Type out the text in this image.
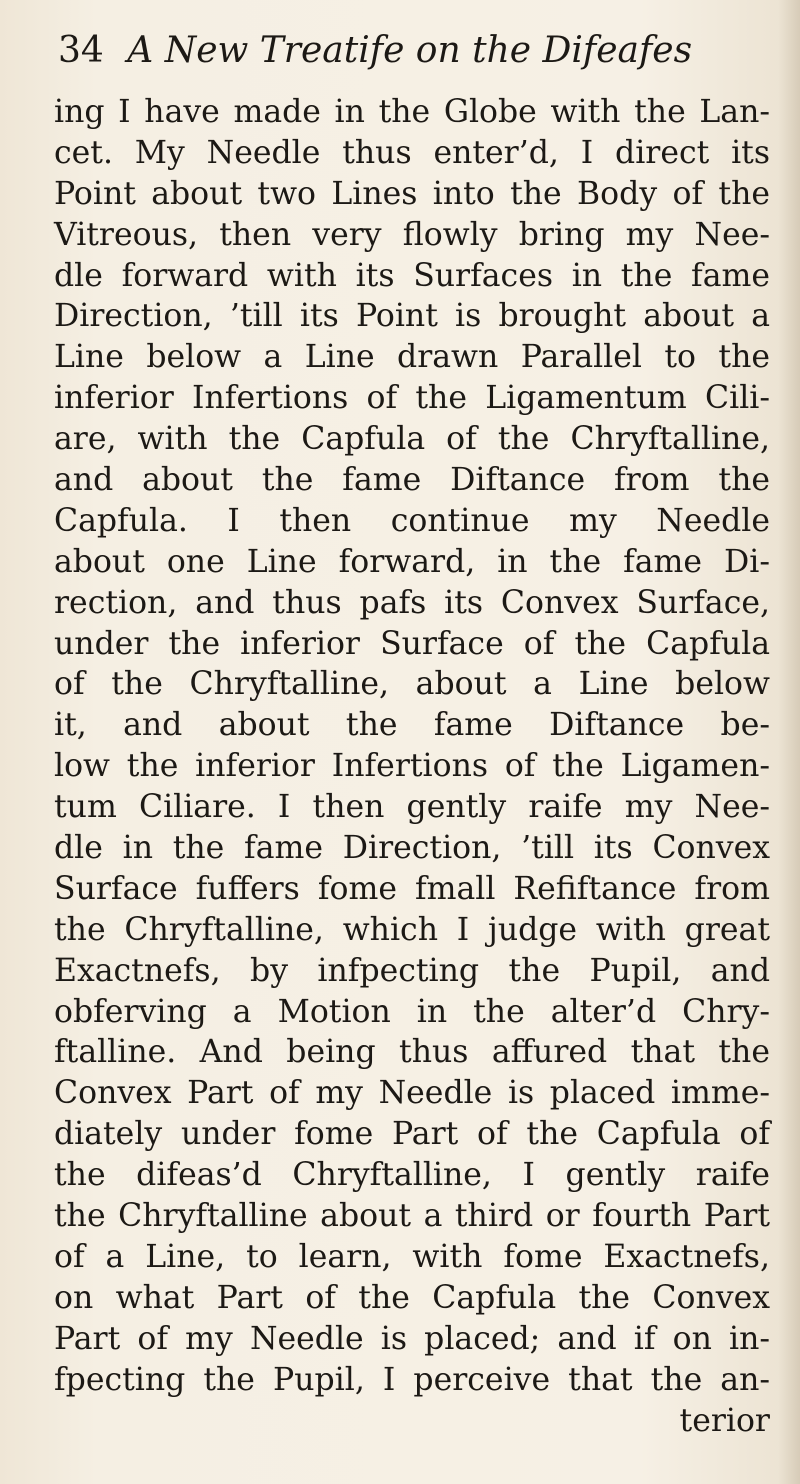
34 A New Treatife on the Difeafes
ing I have made in the Globe with the Lan-
cet. My Needle thus enter’d, I direct its
Point about two Lines into the Body of the
Vitreous, then very flowly bring my Nee-
dle forward with its Surfaces in the fame
Direction, ’till its Point is brought about a
Line below a Line drawn Parallel to the
inferior Infertions of the Ligamentum Cili-
are, with the Capfula of the Chryftalline,
and about the fame Diftance from the
Capfula. I then continue my Needle
about one Line forward, in the fame Di-
rection, and thus pafs its Convex Surface,
under the inferior Surface of the Capfula
of the Chryftalline, about a Line below
it, and about the fame Diftance be-
low the inferior Infertions of the Ligamen-
tum Ciliare. I then gently raife my Nee-
dle in the fame Direction, ’till its Convex
Surface fuffers fome fmall Refiftance from
the Chryftalline, which I judge with great
Exactnefs, by infpecting the Pupil, and
obferving a Motion in the alter’d Chry-
ftalline. And being thus affured that the
Convex Part of my Needle is placed imme-
diately under fome Part of the Capfula of
the difeas’d Chryftalline, I gently raife
the Chryftalline about a third or fourth Part
of a Line, to learn, with fome Exactnefs,
on what Part of the Capfula the Convex
Part of my Needle is placed; and if on in-
fpecting the Pupil, I perceive that the an-
terior
